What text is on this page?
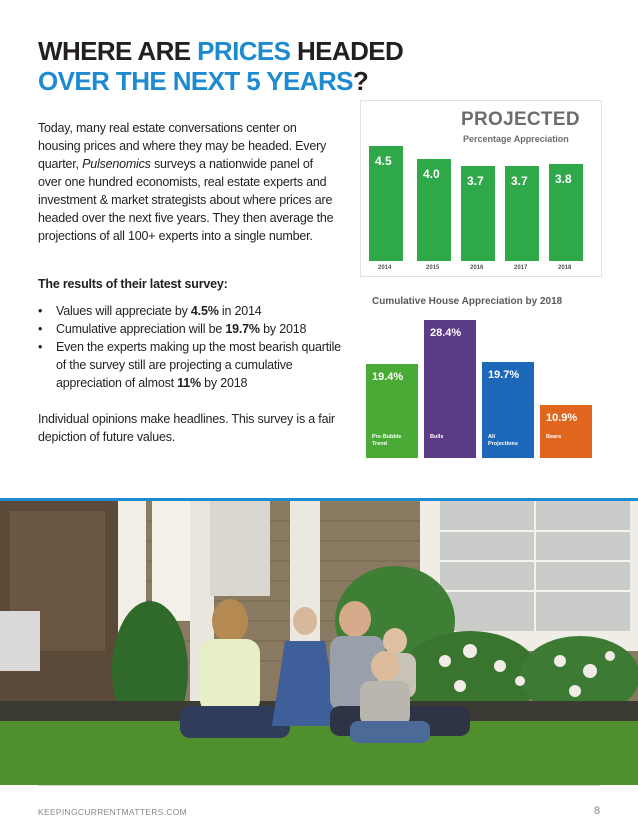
WHERE ARE PRICES HEADED
OVER THE NEXT 5 YEARS?

Today, many real estate conversations center on housing prices and where they may be headed. Every quarter, Pulsenomics surveys a nationwide panel of over one hundred economists, real estate experts and investment & market strategists about where prices are headed over the next five years. They then average the projections of all 100+ experts into a single number.

The results of their latest survey:

• Values will appreciate by 4.5% in 2014
• Cumulative appreciation will be 19.7% by 2018
• Even the experts making up the most bearish quartile of the survey still are projecting a cumulative appreciation of almost 11% by 2018

Individual opinions make headlines. This survey is a fair depiction of future values.

PROJECTED

Percentage Appreciation
4.5
2014
4.0
2015
3.7
2016
3.7
2017
3.8
2018
Cumulative House Appreciation by 2018
19.4%
Pre-Bubble
Trend
28.4%
Bulls
19.7%
All
Projections
10.9%
Bears
KEEPINGCURRENTMATTERS.COM	8
